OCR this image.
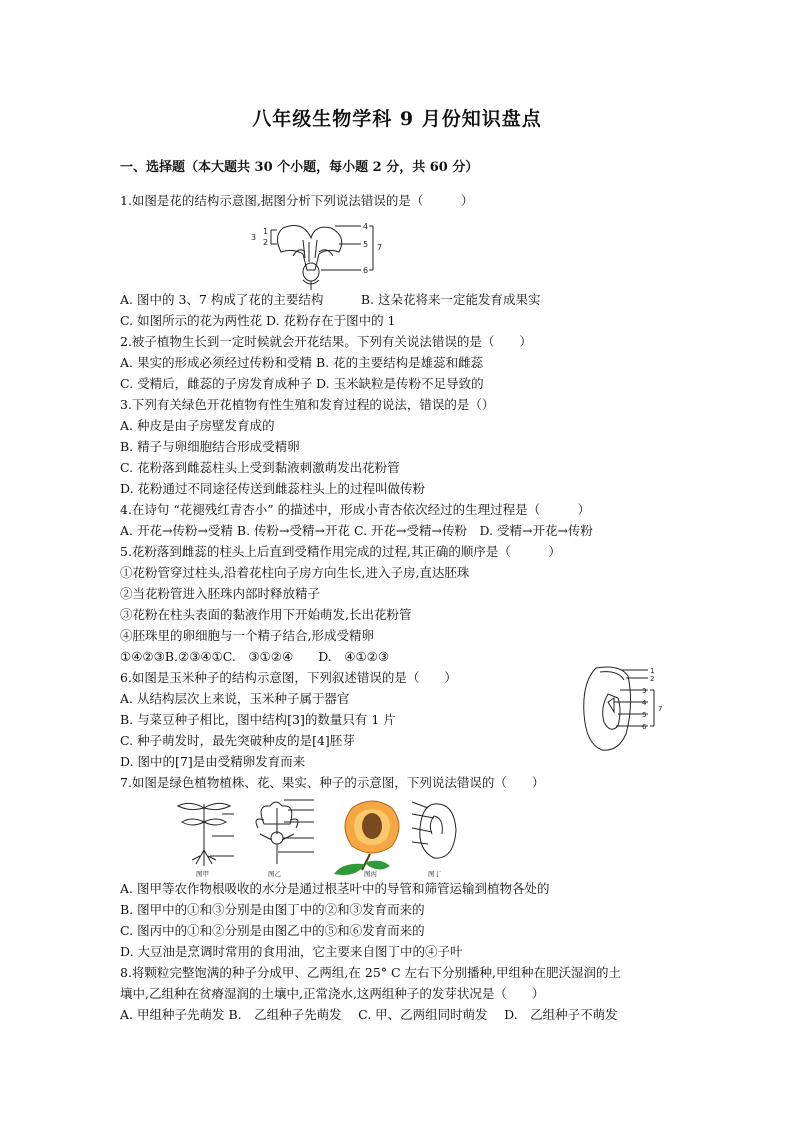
八年级生物学科 9 月份知识盘点
一、选择题（本大题共 30 个小题，每小题 2 分，共 60 分）
1.如图是花的结构示意图,据图分析下列说法错误的是（　　　）
3
1
2
4
5
6
7
A. 图中的 3、7 构成了花的主要结构　　　B. 这朵花将来一定能发育成果实
C. 如图所示的花为两性花 D. 花粉存在于图中的 1
2.被子植物生长到一定时候就会开花结果。下列有关说法错误的是（　　）
A. 果实的形成必须经过传粉和受精 B. 花的主要结构是雄蕊和雌蕊
C. 受精后，雌蕊的子房发育成种子 D. 玉米缺粒是传粉不足导致的
3.下列有关绿色开花植物有性生殖和发育过程的说法，错误的是（）
A. 种皮是由子房壁发育成的
B. 精子与卵细胞结合形成受精卵
C. 花粉落到雌蕊柱头上受到黏液刺激萌发出花粉管
D. 花粉通过不同途径传送到雌蕊柱头上的过程叫做传粉
4.在诗句 “花褪残红青杏小” 的描述中，形成小青杏依次经过的生理过程是（　　　）
A. 开花→传粉→受精 B. 传粉→受精→开花 C. 开花→受精→传粉　D. 受精→开花→传粉
5.花粉落到雌蕊的柱头上后直到受精作用完成的过程,其正确的顺序是（　　　）
①花粉管穿过柱头,沿着花柱向子房方向生长,进入子房,直达胚珠
②当花粉管进入胚珠内部时释放精子
③花粉在柱头表面的黏液作用下开始萌发,长出花粉管
④胚珠里的卵细胞与一个精子结合,形成受精卵
①④②③B.②③④①C.　③①②④　　D.　④①②③
6.如图是玉米种子的结构示意图，下列叙述错误的是（　　）
A. 从结构层次上来说，玉米种子属于器官
B. 与菜豆种子相比，图中结构[3]的数量只有 1 片
C. 种子萌发时，最先突破种皮的是[4]胚芽
D. 图中的[7]是由受精卵发育而来
1
2
3
4
5
6
7
7.如图是绿色植物植株、花、果实、种子的示意图，下列说法错误的（　　）
图甲	图乙	图丙	图丁
A. 图甲等农作物根吸收的水分是通过根茎叶中的导管和筛管运输到植物各处的
B. 图甲中的①和③分别是由图丁中的②和③发育而来的
C. 图丙中的①和②分别是由图乙中的⑤和⑥发育而来的
D. 大豆油是烹调时常用的食用油，它主要来自图丁中的④子叶
8.将颗粒完整饱满的种子分成甲、乙两组,在 25° C 左右下分别播种,甲组种在肥沃湿润的土
壤中,乙组种在贫瘠湿润的土壤中,正常浇水,这两组种子的发芽状况是（　　）
A. 甲组种子先萌发 B.　乙组种子先萌发　 C. 甲、乙两组同时萌发　 D.　乙组种子不萌发
